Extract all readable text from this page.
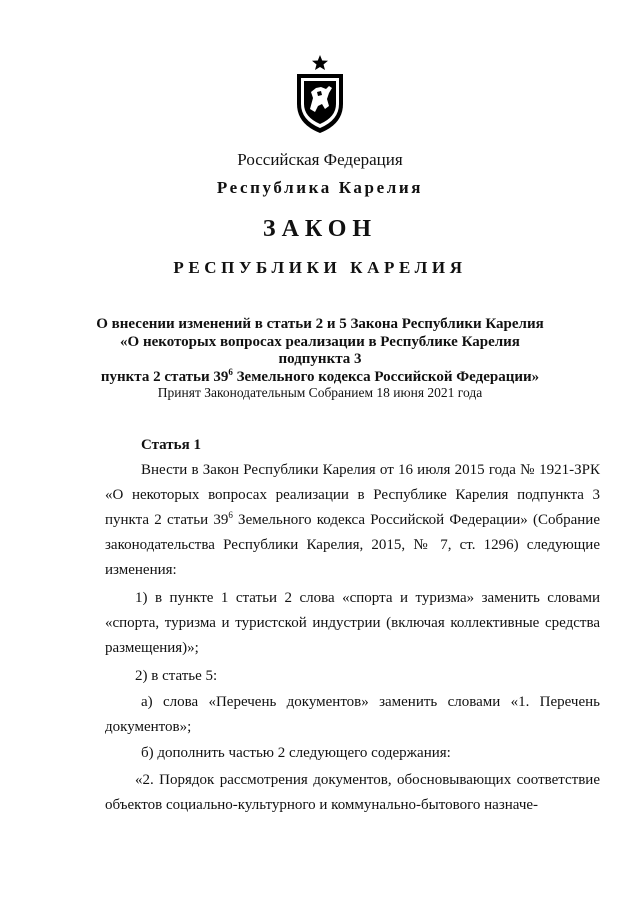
Российская Федерация
Республика Карелия
ЗАКОН
РЕСПУБЛИКИ КАРЕЛИЯ
О внесении изменений в статьи 2 и 5 Закона Республики Карелия
«О некоторых вопросах реализации в Республике Карелия подпункта 3
пункта 2 статьи $39^6$ Земельного кодекса Российской Федерации»
Принят Законодательным Собранием 18 июня 2021 года
Статья 1
Внести в Закон Республики Карелия от 16 июля 2015 года № 1921-ЗРК «О некоторых вопросах реализации в Республике Карелия подпункта 3 пункта 2 статьи $39^6$ Земельного кодекса Российской Федерации» (Собрание законодательства Республики Карелия, 2015, № 7, ст. 1296) следующие изменения:
1) в пункте 1 статьи 2 слова «спорта и туризма» заменить словами «спорта, туризма и туристской индустрии (включая коллективные средства размещения)»;
2) в статье 5:
а) слова «Перечень документов» заменить словами «1. Перечень документов»;
б) дополнить частью 2 следующего содержания:
«2. Порядок рассмотрения документов, обосновывающих соответствие объектов социально-культурного и коммунально-бытового назначе-
